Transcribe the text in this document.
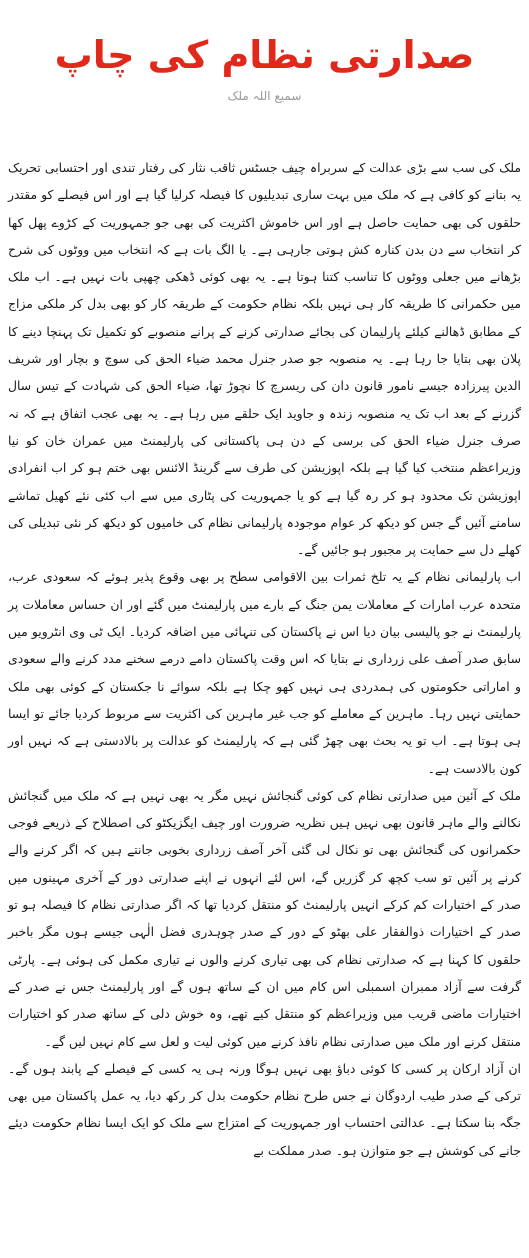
صدارتی نظام کی چاپ
سمیع اللہ ملک

ملک کی سب سے بڑی عدالت کے سربراہ چیف جسٹس ثاقب نثار کی رفتار تندی اور احتسابی تحریک یہ بتانے کو کافی ہے کہ ملک میں بہت ساری تبدیلیوں کا فیصلہ کرلیا گیا ہے اور اس فیصلے کو مقتدر حلقوں کی بھی حمایت حاصل ہے اور اس خاموش اکثریت کی بھی جو جمہوریت کے کڑوے پھل کھا کر انتخاب سے دن بدن کنارہ کش ہوتی جارہی ہے۔ یا الگ بات ہے کہ انتخاب میں ووٹوں کی شرح بڑھانے میں جعلی ووٹوں کا تناسب کتنا ہوتا ہے۔ یہ بھی کوئی ڈھکی چھپی بات نہیں ہے۔ اب ملک میں حکمرانی کا طریقہ کار ہی نہیں بلکہ نظام حکومت کے طریقہ کار کو بھی بدل کر ملکی مزاج کے مطابق ڈھالنے کیلئے پارلیمان کی بجائے صدارتی کرنے کے پرانے منصوبے کو تکمیل تک پہنچا دینے کا پلان بھی بتایا جا رہا ہے۔ یہ منصوبہ جو صدر جنرل محمد ضیاء الحق کی سوچ و بچار اور شریف الدین پیرزادہ جیسے نامور قانون دان کی ریسرچ کا نچوڑ تھا، ضیاء الحق کی شہادت کے تیس سال گزرنے کے بعد اب تک یہ منصوبہ زندہ و جاوید ایک حلقے میں رہا ہے۔ یہ بھی عجب اتفاق ہے کہ نہ صرف جنرل ضیاء الحق کی برسی کے دن ہی پاکستانی کی پارلیمنٹ میں عمران خان کو نیا وزیراعظم منتخب کیا گیا ہے بلکہ اپوزیشن کی طرف سے گرینڈ الائنس بھی ختم ہو کر اب انفرادی اپوزیشن تک محدود ہو کر رہ گیا ہے کو یا جمہوریت کی پٹاری میں سے اب کئی نئے کھیل تماشے سامنے آئیں گے جس کو دیکھ کر عوام موجودہ پارلیمانی نظام کی خامیوں کو دیکھ کر نئی تبدیلی کی کھلے دل سے حمایت پر مجبور ہو جائیں گے۔

اب پارلیمانی نظام کے یہ تلخ ثمرات بین الاقوامی سطح پر بھی وقوع پذیر ہوئے کہ سعودی عرب، متحدہ عرب امارات کے معاملات یمن جنگ کے بارے میں پارلیمنٹ میں گئے اور ان حساس معاملات پر پارلیمنٹ نے جو پالیسی بیان دیا اس نے پاکستان کی تنہائی میں اضافہ کردیا۔ ایک ٹی وی انٹرویو میں سابق صدر آصف علی زرداری نے بتایا کہ اس وقت پاکستان دامے درمے سخنے مدد کرنے والے سعودی و اماراتی حکومتوں کی ہمدردی ہی نہیں کھو چکا ہے بلکہ سوائے نا جکستان کے کوئی بھی ملک حمایتی نہیں رہا۔ ماہرین کے معاملے کو جب غیر ماہرین کی اکثریت سے مربوط کردیا جائے تو ایسا ہی ہوتا ہے۔ اب تو یہ بحث بھی چھڑ گئی ہے کہ پارلیمنٹ کو عدالت پر بالادستی ہے کہ نہیں اور کون بالادست ہے۔

ملک کے آئین میں صدارتی نظام کی کوئی گنجائش نہیں مگر یہ بھی نہیں ہے کہ ملک میں گنجائش نکالنے والے ماہر قانون بھی نہیں ہیں نظریہ ضرورت اور چیف ایگزیکٹو کی اصطلاح کے ذریعے فوجی حکمرانوں کی گنجائش بھی تو نکال لی گئی آخر آصف زرداری بخوبی جانتے ہیں کہ اگر کرنے والے کرنے پر آئیں تو سب کچھ کر گزریں گے، اس لئے انہوں نے اپنے صدارتی دور کے آخری مہینوں میں صدر کے اختیارات کم کرکے انہیں پارلیمنٹ کو منتقل کردیا تھا کہ اگر صدارتی نظام کا فیصلہ ہو تو صدر کے اختیارات ذوالفقار علی بھٹو کے دور کے صدر چوہدری فضل الٰہی جیسے ہوں مگر باخبر حلقوں کا کہنا ہے کہ صدارتی نظام کی بھی تیاری کرنے والوں نے تیاری مکمل کی ہوئی ہے۔ پارٹی گرفت سے آزاد ممبران اسمبلی اس کام میں ان کے ساتھ ہوں گے اور پارلیمنٹ جس نے صدر کے اختیارات ماضی قریب میں وزیراعظم کو منتقل کیے تھے، وہ خوش دلی کے ساتھ صدر کو اختیارات منتقل کرنے اور ملک میں صدارتی نظام نافذ کرنے میں کوئی لیت و لعل سے کام نہیں لیں گے۔

ان آزاد ارکان پر کسی کا کوئی دباؤ بھی نہیں ہوگا ورنہ ہی یہ کسی کے فیصلے کے پابند ہوں گے۔ ترکی کے صدر طیب اردوگان نے جس طرح نظام حکومت بدل کر رکھ دیا، یہ عمل پاکستان میں بھی جگہ بنا سکتا ہے۔ عدالتی احتساب اور جمہوریت کے امتزاج سے ملک کو ایک ایسا نظام حکومت دیئے جانے کی کوشش ہے جو متوازن ہو۔ صدر مملکت بے
